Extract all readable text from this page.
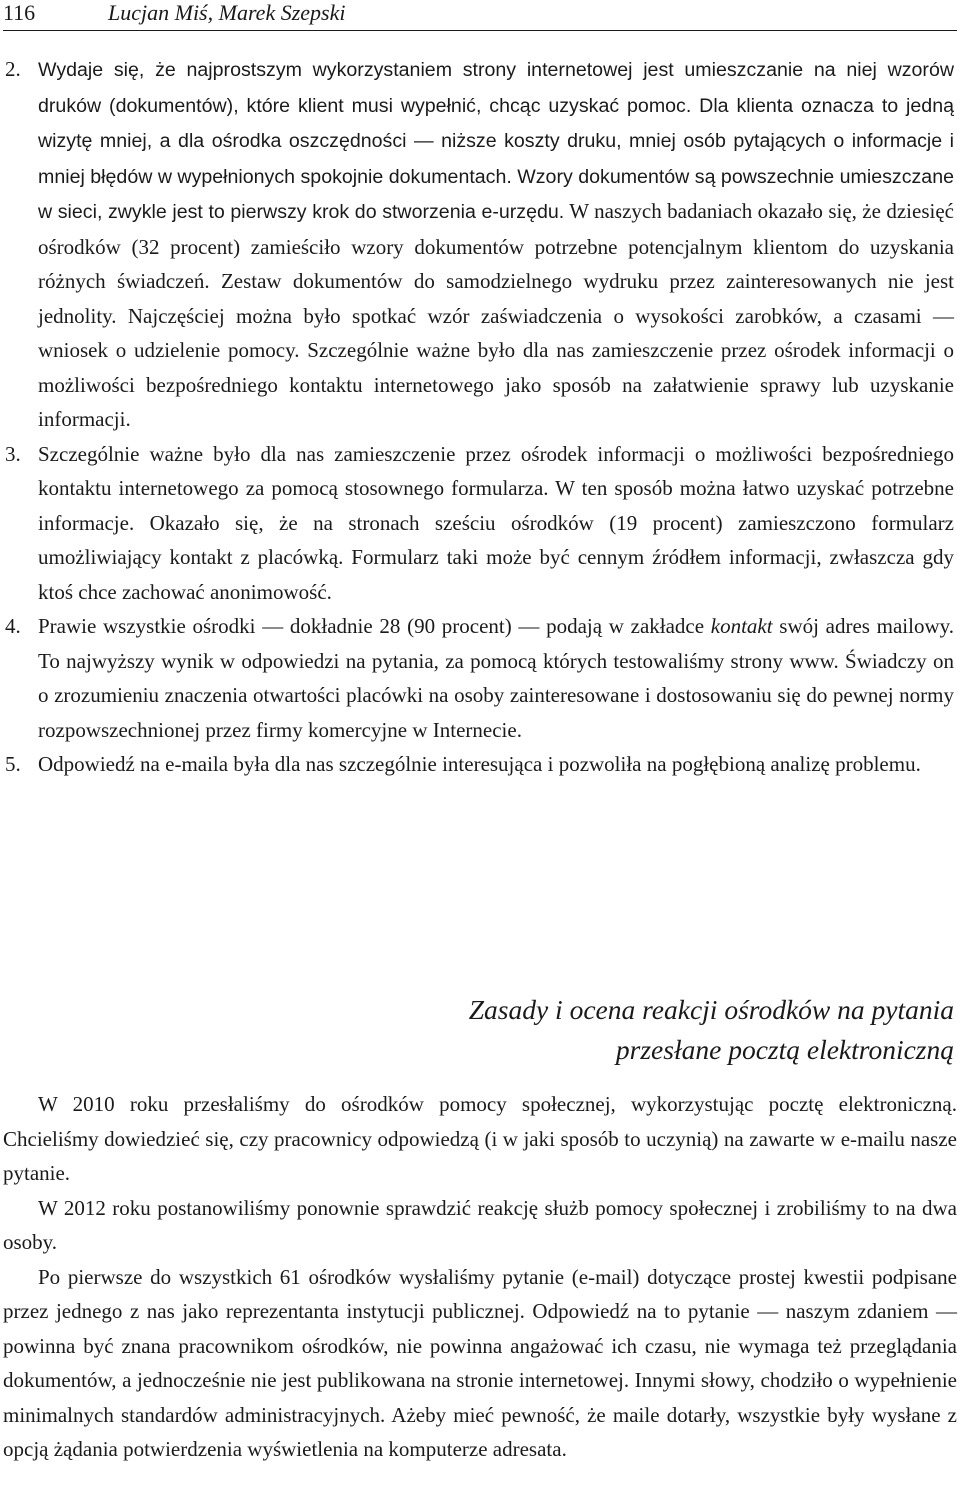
116	Lucjan Miś, Marek Szepski
2. Wydaje się, że najprostszym wykorzystaniem strony internetowej jest umieszczanie na niej wzorów druków (dokumentów), które klient musi wypełnić, chcąc uzyskać pomoc. Dla klienta oznacza to jedną wizytę mniej, a dla ośrodka oszczędności — niższe koszty druku, mniej osób pytających o informacje i mniej błędów w wypełnionych spokojnie dokumentach. Wzory dokumentów są powszechnie umieszczane w sieci, zwykle jest to pierwszy krok do stworzenia e-urzędu. W naszych badaniach okazało się, że dziesięć ośrodków (32 procent) zamieściło wzory dokumentów potrzebne potencjalnym klientom do uzyskania różnych świadczeń. Zestaw dokumentów do samodzielnego wydruku przez zainteresowanych nie jest jednolity. Najczęściej można było spotkać wzór zaświadczenia o wysokości zarobków, a czasami — wniosek o udzielenie pomocy. Szczególnie ważne było dla nas zamieszczenie przez ośrodek informacji o możliwości bezpośredniego kontaktu internetowego jako sposób na załatwienie sprawy lub uzyskanie informacji.
3. Szczególnie ważne było dla nas zamieszczenie przez ośrodek informacji o możliwości bezpośredniego kontaktu internetowego za pomocą stosownego formularza. W ten sposób można łatwo uzyskać potrzebne informacje. Okazało się, że na stronach sześciu ośrodków (19 procent) zamieszczono formularz umożliwiający kontakt z placówką. Formularz taki może być cennym źródłem informacji, zwłaszcza gdy ktoś chce zachować anonimowość.
4. Prawie wszystkie ośrodki — dokładnie 28 (90 procent) — podają w zakładce kontakt swój adres mailowy. To najwyższy wynik w odpowiedzi na pytania, za pomocą których testowaliśmy strony www. Świadczy on o zrozumieniu znaczenia otwartości placówki na osoby zainteresowane i dostosowaniu się do pewnej normy rozpowszechnionej przez firmy komercyjne w Internecie.
5. Odpowiedź na e-maila była dla nas szczególnie interesująca i pozwoliła na pogłębioną analizę problemu.
Zasady i ocena reakcji ośrodków na pytania
przesłane pocztą elektroniczną

W 2010 roku przesłaliśmy do ośrodków pomocy społecznej, wykorzystując pocztę elektroniczną. Chcieliśmy dowiedzieć się, czy pracownicy odpowiedzą (i w jaki sposób to uczynią) na zawarte w e-mailu nasze pytanie.

W 2012 roku postanowiliśmy ponownie sprawdzić reakcję służb pomocy społecznej i zrobiliśmy to na dwa osoby.

Po pierwsze do wszystkich 61 ośrodków wysłaliśmy pytanie (e-mail) dotyczące prostej kwestii podpisane przez jednego z nas jako reprezentanta instytucji publicznej. Odpowiedź na to pytanie — naszym zdaniem — powinna być znana pracownikom ośrodków, nie powinna angażować ich czasu, nie wymaga też przeglądania dokumentów, a jednocześnie nie jest publikowana na stronie internetowej. Innymi słowy, chodziło o wypełnienie minimalnych standardów administracyjnych. Ażeby mieć pewność, że maile dotarły, wszystkie były wysłane z opcją żądania potwierdzenia wyświetlenia na komputerze adresata.
